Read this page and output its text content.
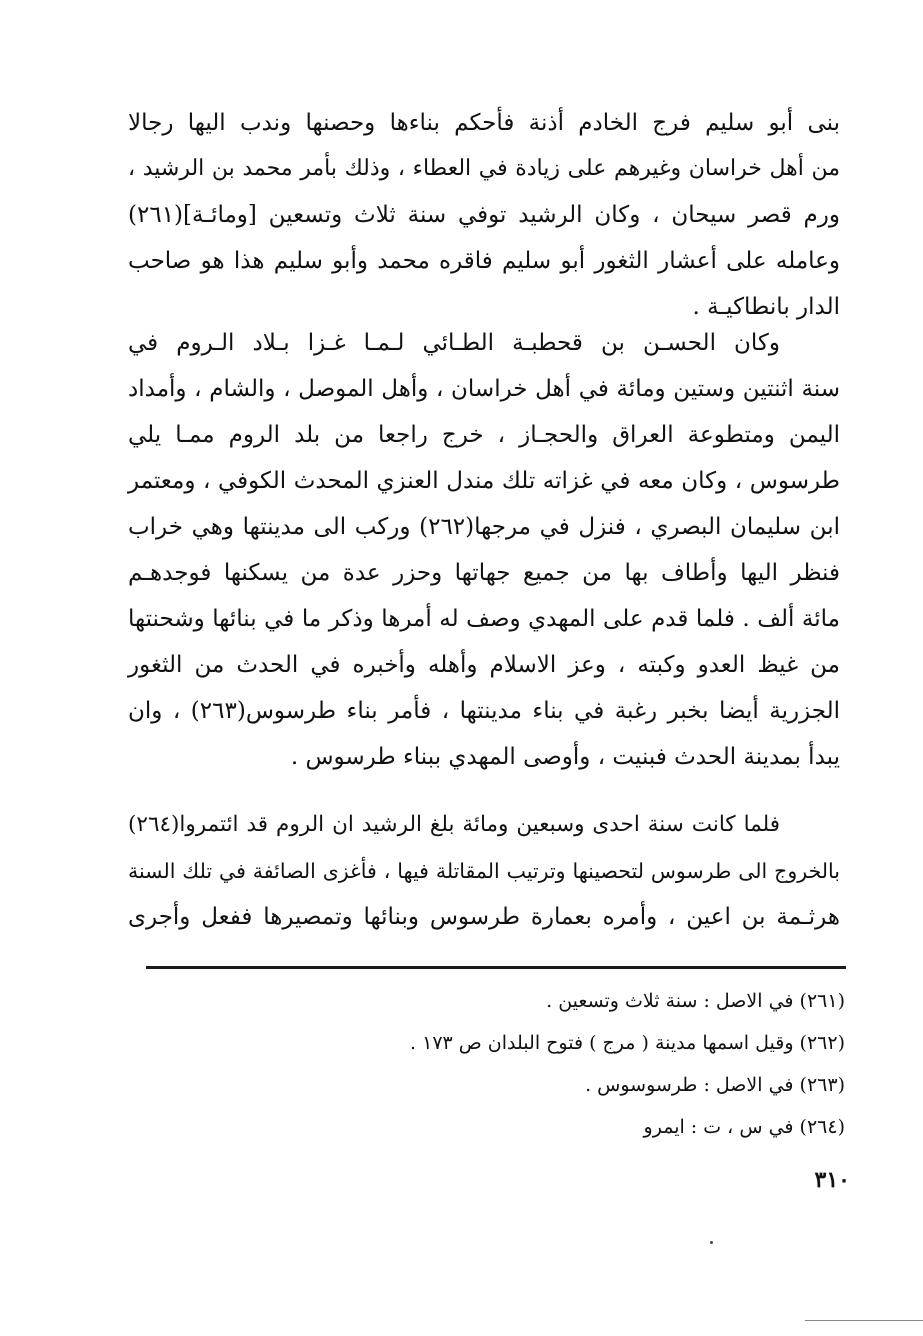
بنى أبو سليم فرج الخادم أذنة فأحكم بناءها وحصنها وندب اليها رجالا
من أهل خراسان وغيرهم على زيادة في العطاء ، وذلك بأمر محمد بن الرشيد ،
ورم قصر سيحان ، وكان الرشيد توفي سنة ثلاث وتسعين [ومائـة](٢٦١)
وعامله على أعشار الثغور أبو سليم فاقره محمد وأبو سليم هذا هو صاحب
الدار بانطاكيـة .
وكان الحسـن بن قحطبـة الطـائي لـمـا غـزا بـلاد الـروم في
سنة اثنتين وستين ومائة في أهل خراسان ، وأهل الموصل ، والشام ، وأمداد
اليمن ومتطوعة العراق والحجـاز ، خرج راجعا من بلد الروم ممـا يلي
طرسوس ، وكان معه في غزاته تلك مندل العنزي المحدث الكوفي ، ومعتمر
ابن سليمان البصري ، فنزل في مرجها(٢٦٢) وركب الى مدينتها وهي خراب
فنظر اليها وأطاف بها من جميع جهاتها وحزر عدة من يسكنها فوجدهـم
مائة ألف . فلما قدم على المهدي وصف له أمرها وذكر ما في بنائها وشحنتها
من غيظ العدو وكبته ، وعز الاسلام وأهله وأخبره في الحدث من الثغور
الجزرية أيضا بخبر رغبة في بناء مدينتها ، فأمر بناء طرسوس(٢٦٣) ، وان
يبدأ بمدينة الحدث فبنيت ، وأوصى المهدي ببناء طرسوس .
فلما كانت سنة احدى وسبعين ومائة بلغ الرشيد ان الروم قد ائتمروا(٢٦٤)
بالخروج الى طرسوس لتحصينها وترتيب المقاتلة فيها ، فأغزى الصائفة في تلك السنة
هرثـمة بن اعين ، وأمره بعمارة طرسوس وبنائها وتمصيرها ففعل وأجرى
(٢٦١) في الاصل : سنة ثلاث وتسعين .
(٢٦٢) وقيل اسمها مدينة ( مرج ) فتوح البلدان ص ١٧٣ .
(٢٦٣) في الاصل : طرسوسوس .
(٢٦٤) في س ، ت : ايمرو
٣١٠
